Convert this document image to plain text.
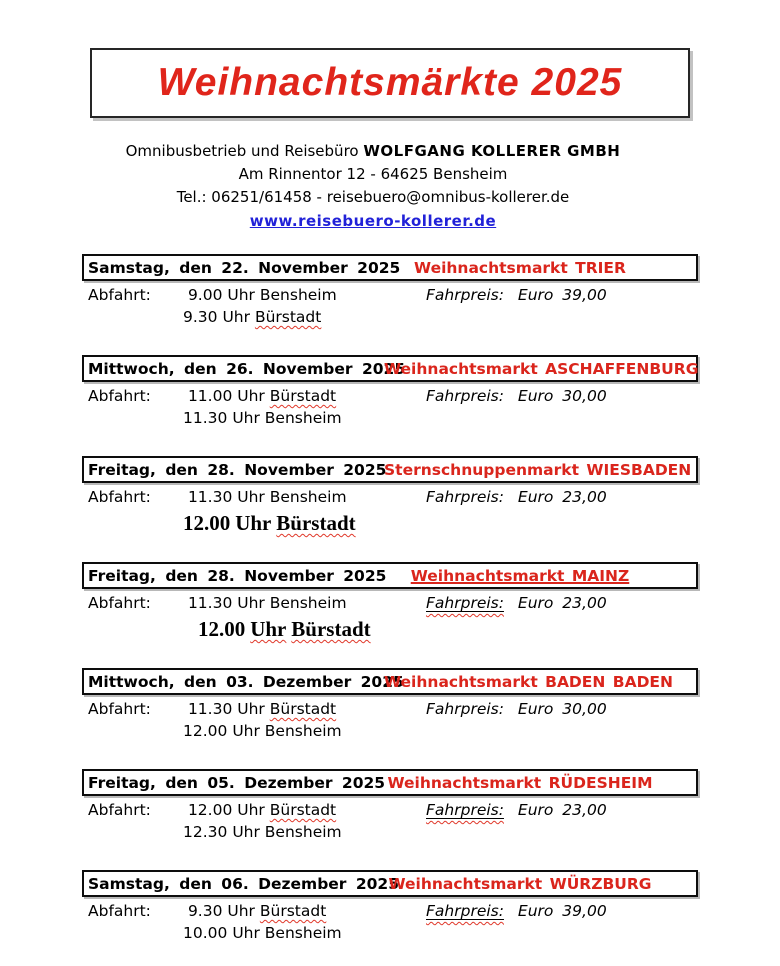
Weihnachtsmärkte 2025
Omnibusbetrieb und Reisebüro WOLFGANG KOLLERER GMBH
Am Rinnentor 12 - 64625 Bensheim
Tel.: 06251/61458 - reisebuero@omnibus-kollerer.de
www.reisebuero-kollerer.de
Samstag, den 22. November 2025 Weihnachtsmarkt TRIER
Abfahrt: 9.00 Uhr Bensheim	Fahrpreis: Euro 39,00
9.30 Uhr Bürstadt
Mittwoch, den 26. November 2025
Weihnachtsmarkt ASCHAFFENBURG
Abfahrt: 11.00 Uhr Bürstadt	Fahrpreis: Euro 30,00
11.30 Uhr Bensheim
Freitag, den 28. November 2025
Sternschnuppenmarkt WIESBADEN
Abfahrt: 11.30 Uhr Bensheim	Fahrpreis: Euro 23,00
12.00 Uhr Bürstadt
Freitag, den 28. November 2025	Weihnachtsmarkt MAINZ
Abfahrt: 11.30 Uhr Bensheim	Fahrpreis: Euro 23,00
12.00 Uhr Bürstadt
Mittwoch, den 03. Dezember 2025
Weihnachtsmarkt BADEN BADEN
Abfahrt: 11.30 Uhr Bürstadt	Fahrpreis: Euro 30,00
12.00 Uhr Bensheim
Freitag, den 05. Dezember 2025 Weihnachtsmarkt RÜDESHEIM
Abfahrt: 12.00 Uhr Bürstadt	Fahrpreis: Euro 23,00
12.30 Uhr Bensheim
Samstag, den 06. Dezember 2025
Weihnachtsmarkt WÜRZBURG
Abfahrt: 9.30 Uhr Bürstadt	Fahrpreis: Euro 39,00
10.00 Uhr Bensheim
